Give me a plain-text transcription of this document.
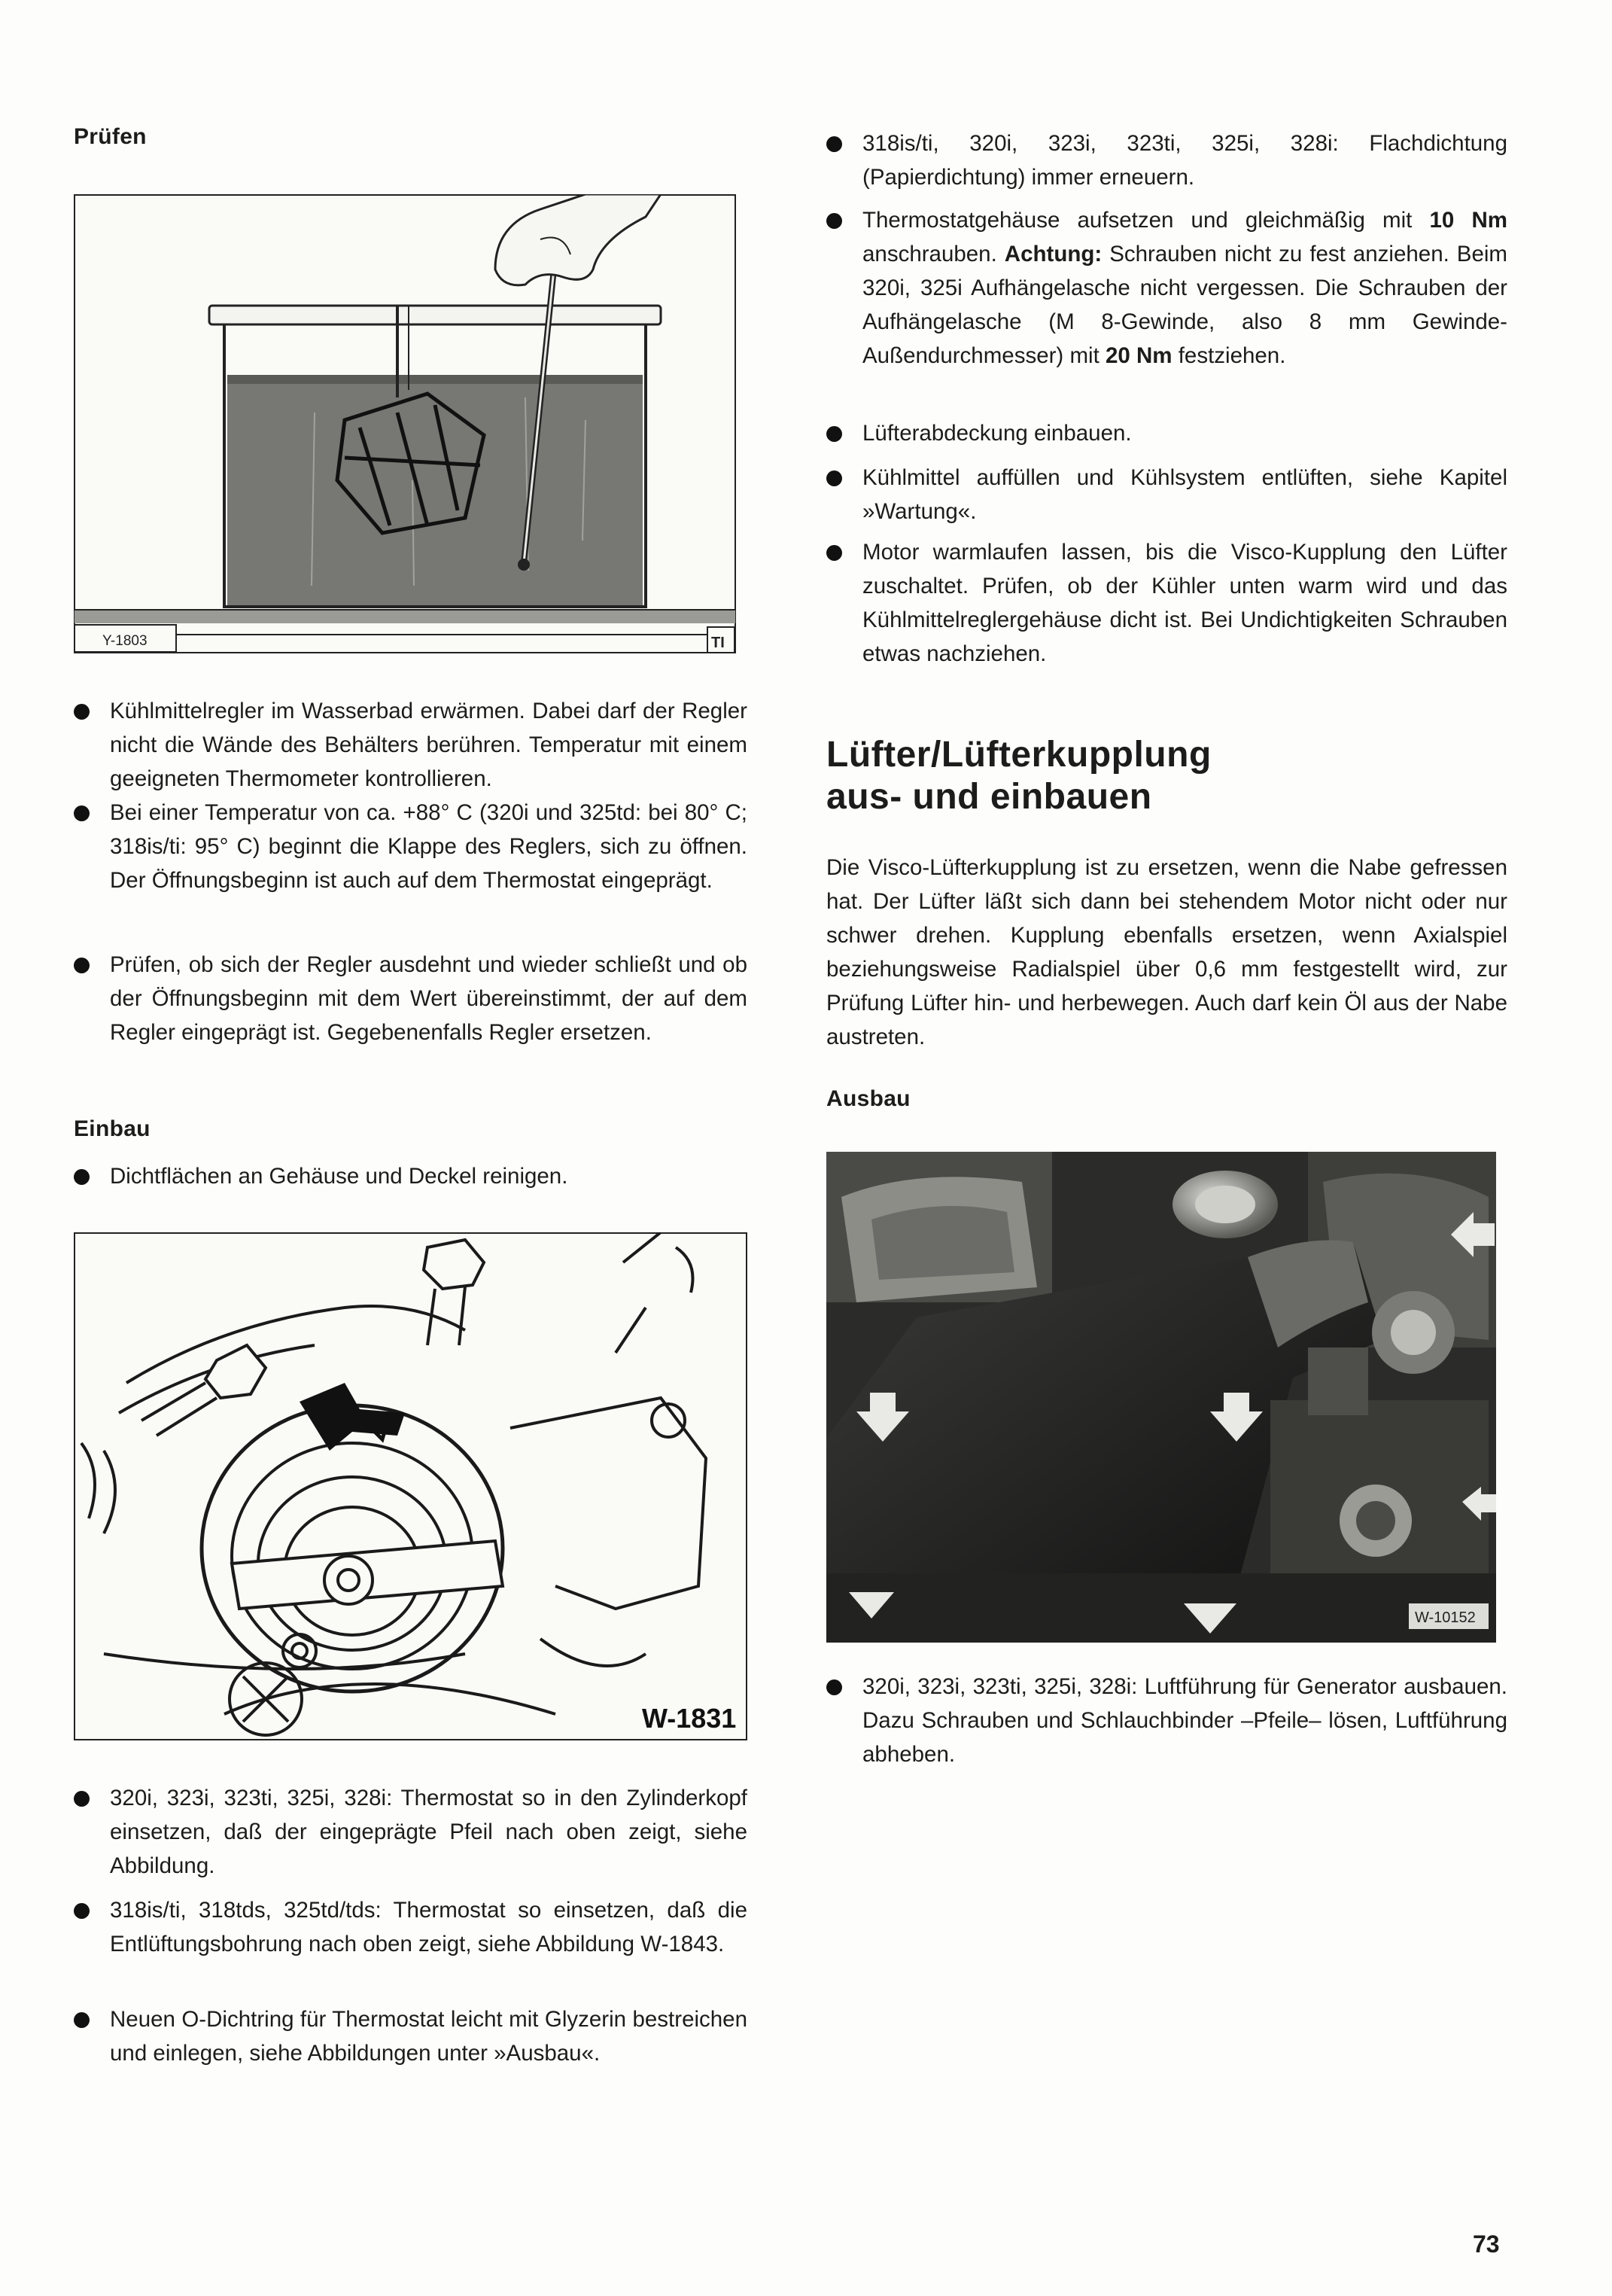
Prüfen
Y-1803	TI
Kühlmittelregler im Wasserbad erwärmen. Dabei darf der Regler nicht die Wände des Behälters berühren. Temperatur mit einem geeigneten Thermometer kontrollieren.
Bei einer Temperatur von ca. +88° C (320i und 325td: bei 80° C; 318is/ti: 95° C) beginnt die Klappe des Reglers, sich zu öffnen. Der Öffnungsbeginn ist auch auf dem Thermostat eingeprägt.
Prüfen, ob sich der Regler ausdehnt und wieder schließt und ob der Öffnungsbeginn mit dem Wert übereinstimmt, der auf dem Regler eingeprägt ist. Gegebenenfalls Regler ersetzen.
Einbau
Dichtflächen an Gehäuse und Deckel reinigen.
W-1831
320i, 323i, 323ti, 325i, 328i: Thermostat so in den Zylinderkopf einsetzen, daß der eingeprägte Pfeil nach oben zeigt, siehe Abbildung.
318is/ti, 318tds, 325td/tds: Thermostat so einsetzen, daß die Entlüftungsbohrung nach oben zeigt, siehe Abbildung W-1843.
Neuen O-Dichtring für Thermostat leicht mit Glyzerin bestreichen und einlegen, siehe Abbildungen unter »Ausbau«.
318is/ti, 320i, 323i, 323ti, 325i, 328i: Flachdichtung (Papierdichtung) immer erneuern.
Thermostatgehäuse aufsetzen und gleichmäßig mit 10 Nm anschrauben. Achtung: Schrauben nicht zu fest anziehen. Beim 320i, 325i Aufhängelasche nicht vergessen. Die Schrauben der Aufhängelasche (M 8-Gewinde, also 8 mm Gewinde-Außendurchmesser) mit 20 Nm festziehen.
Lüfterabdeckung einbauen.
Kühlmittel auffüllen und Kühlsystem entlüften, siehe Kapitel »Wartung«.
Motor warmlaufen lassen, bis die Visco-Kupplung den Lüfter zuschaltet. Prüfen, ob der Kühler unten warm wird und das Kühlmittelreglergehäuse dicht ist. Bei Undichtigkeiten Schrauben etwas nachziehen.
Lüfter/Lüfterkupplung
aus- und einbauen
Die Visco-Lüfterkupplung ist zu ersetzen, wenn die Nabe gefressen hat. Der Lüfter läßt sich dann bei stehendem Motor nicht oder nur schwer drehen. Kupplung ebenfalls ersetzen, wenn Axialspiel beziehungsweise Radialspiel über 0,6 mm festgestellt wird, zur Prüfung Lüfter hin- und herbewegen. Auch darf kein Öl aus der Nabe austreten.
Ausbau
W-10152
320i, 323i, 323ti, 325i, 328i: Luftführung für Generator ausbauen. Dazu Schrauben und Schlauchbinder –Pfeile– lösen, Luftführung abheben.
73
